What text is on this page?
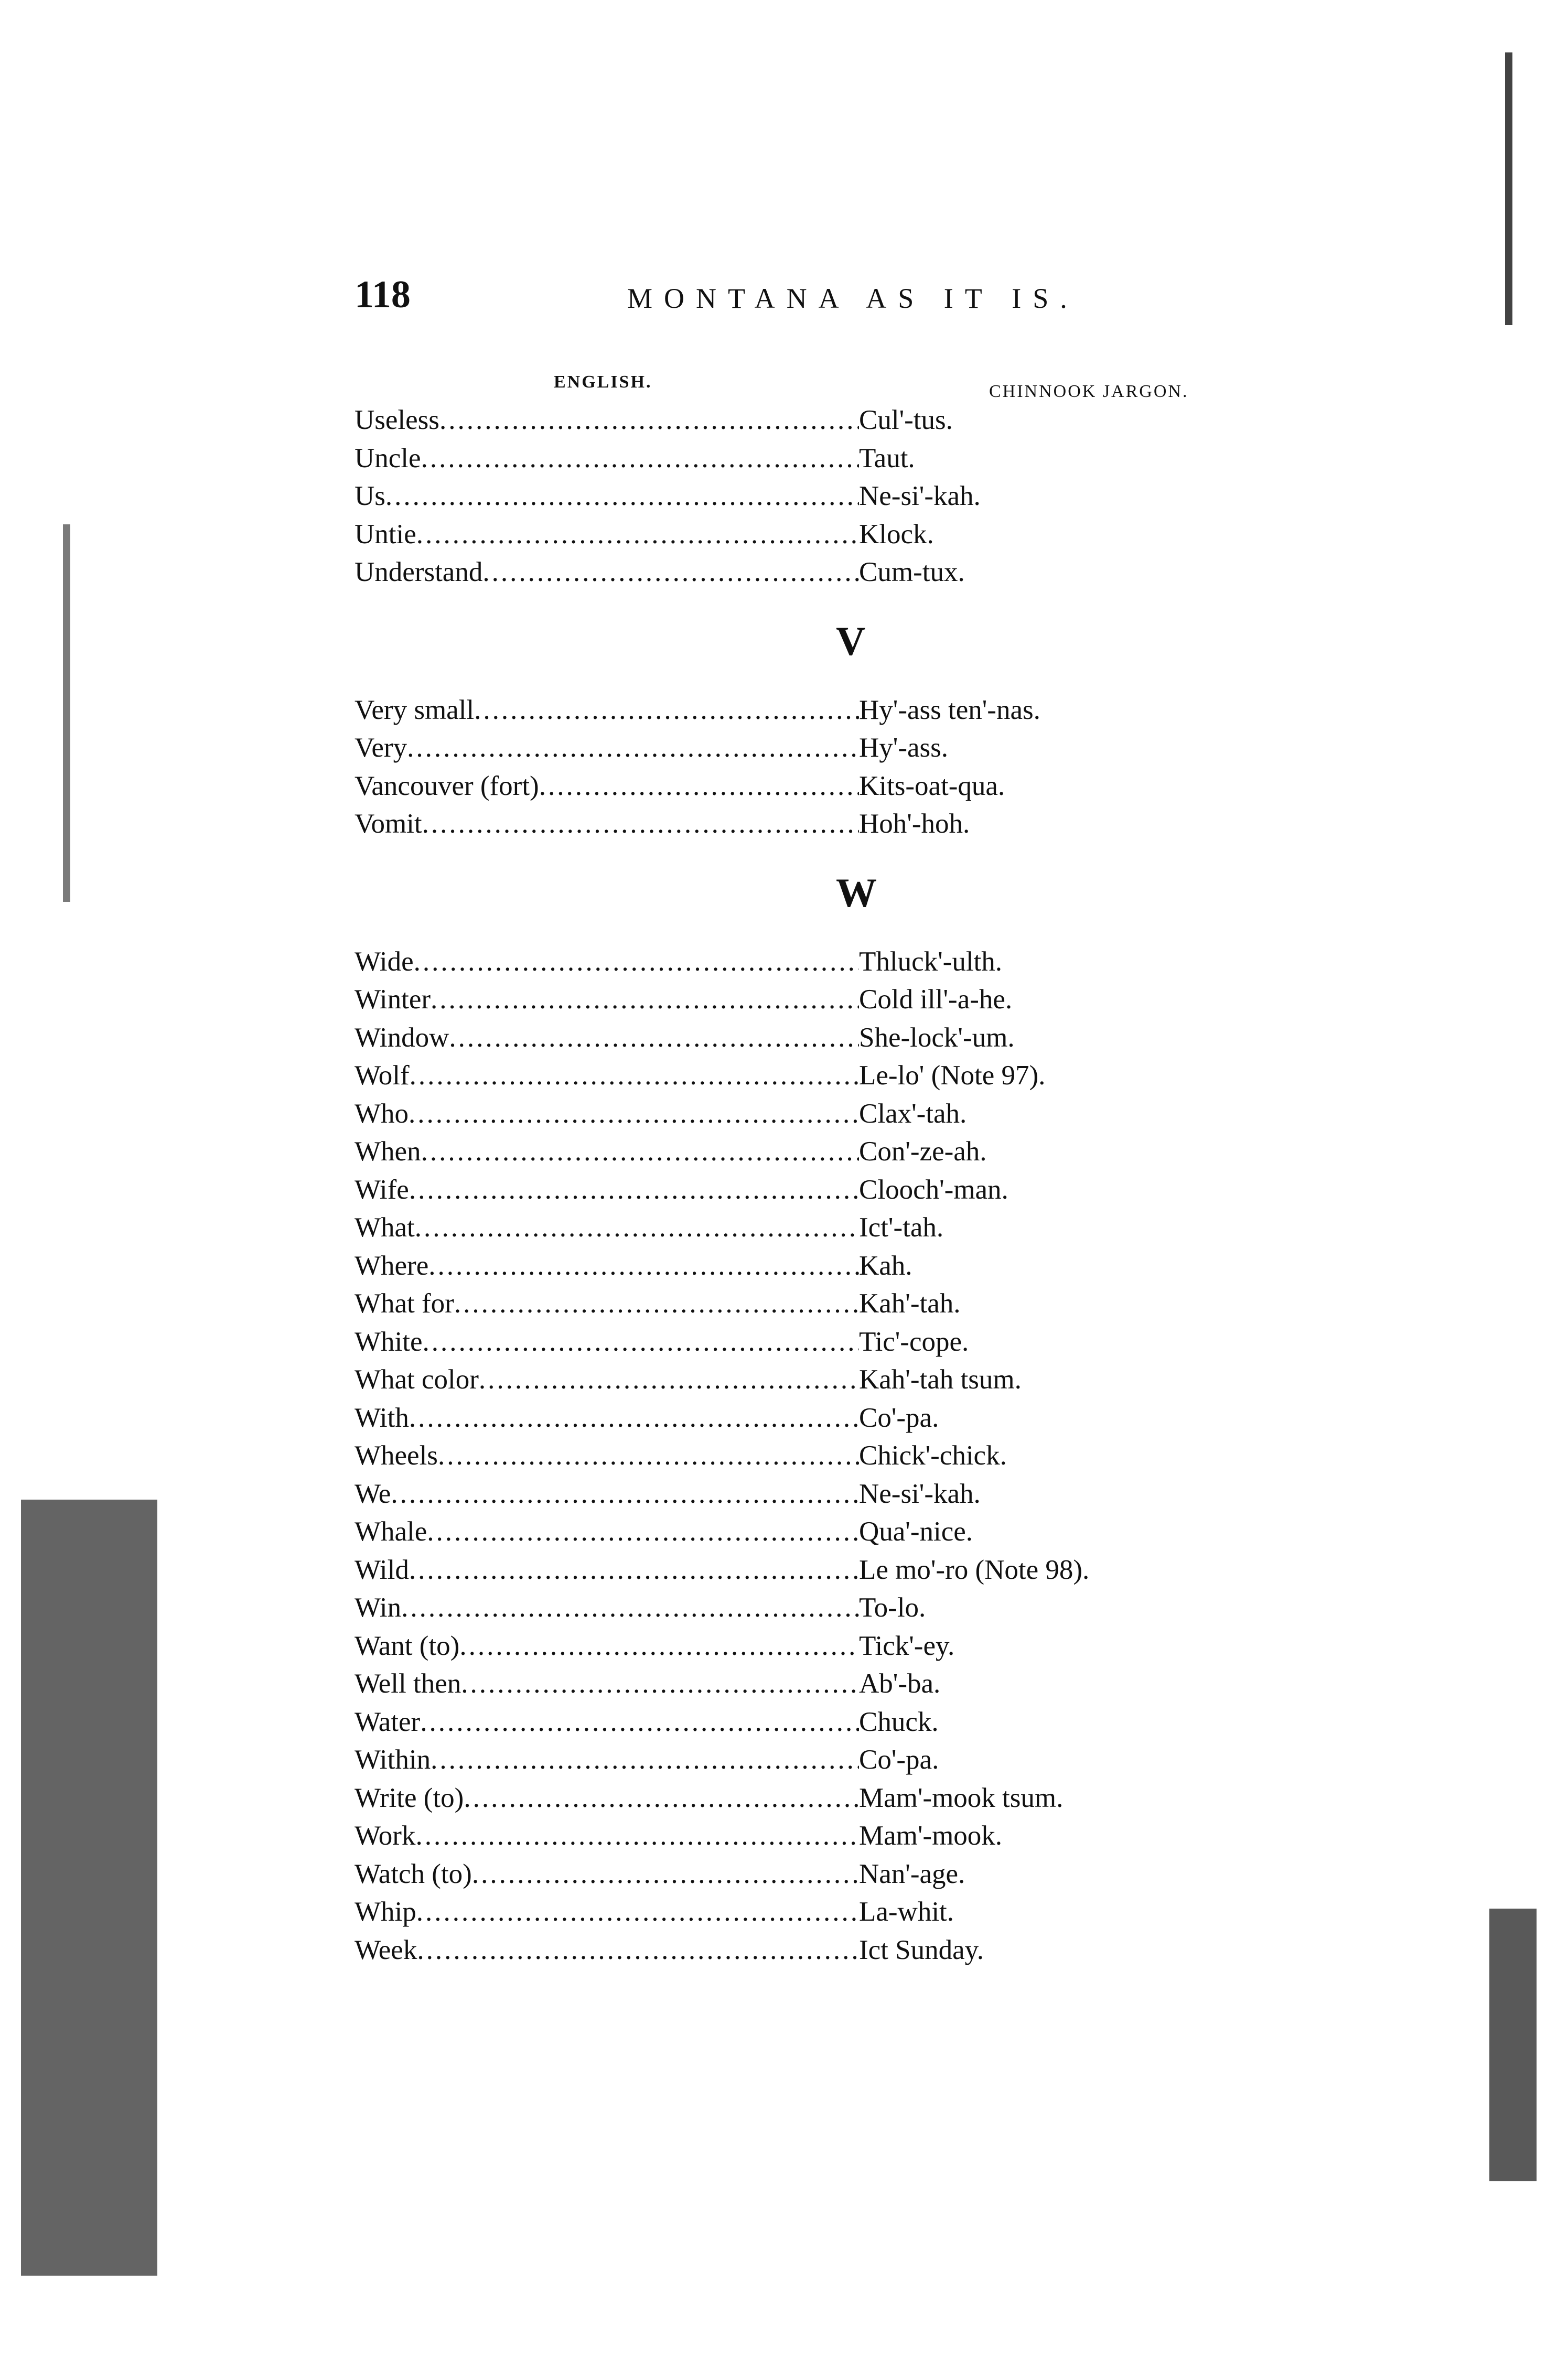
118	MONTANA AS IT IS.
ENGLISH.	CHINNOOK JARGON.
Useless .....	Cul'-tus.
Uncle .....	Taut.
Us .....	Ne-si'-kah.
Untie .....	Klock.
Understand .....	Cum-tux.
V
Very small .....	Hy'-ass ten'-nas.
Very .....	Hy'-ass.
Vancouver (fort) .....	Kits-oat-qua.
Vomit .....	Hoh'-hoh.
W
Wide .....	Thluck'-ulth.
Winter .....	Cold ill'-a-he.
Window .....	She-lock'-um.
Wolf .....	Le-lo' (Note 97).
Who .....	Clax'-tah.
When .....	Con'-ze-ah.
Wife .....	Clooch'-man.
What .....	Ict'-tah.
Where .....	Kah.
What for .....	Kah'-tah.
White .....	Tic'-cope.
What color .....	Kah'-tah tsum.
With .....	Co'-pa.
Wheels .....	Chick'-chick.
We .....	Ne-si'-kah.
Whale .....	Qua'-nice.
Wild .....	Le mo'-ro (Note 98).
Win .....	To-lo.
Want (to) .....	Tick'-ey.
Well then .....	Ab'-ba.
Water .....	Chuck.
Within .....	Co'-pa.
Write (to) .....	Mam'-mook tsum.
Work .....	Mam'-mook.
Watch (to) .....	Nan'-age.
Whip .....	La-whit.
Week .....	Ict Sunday.
